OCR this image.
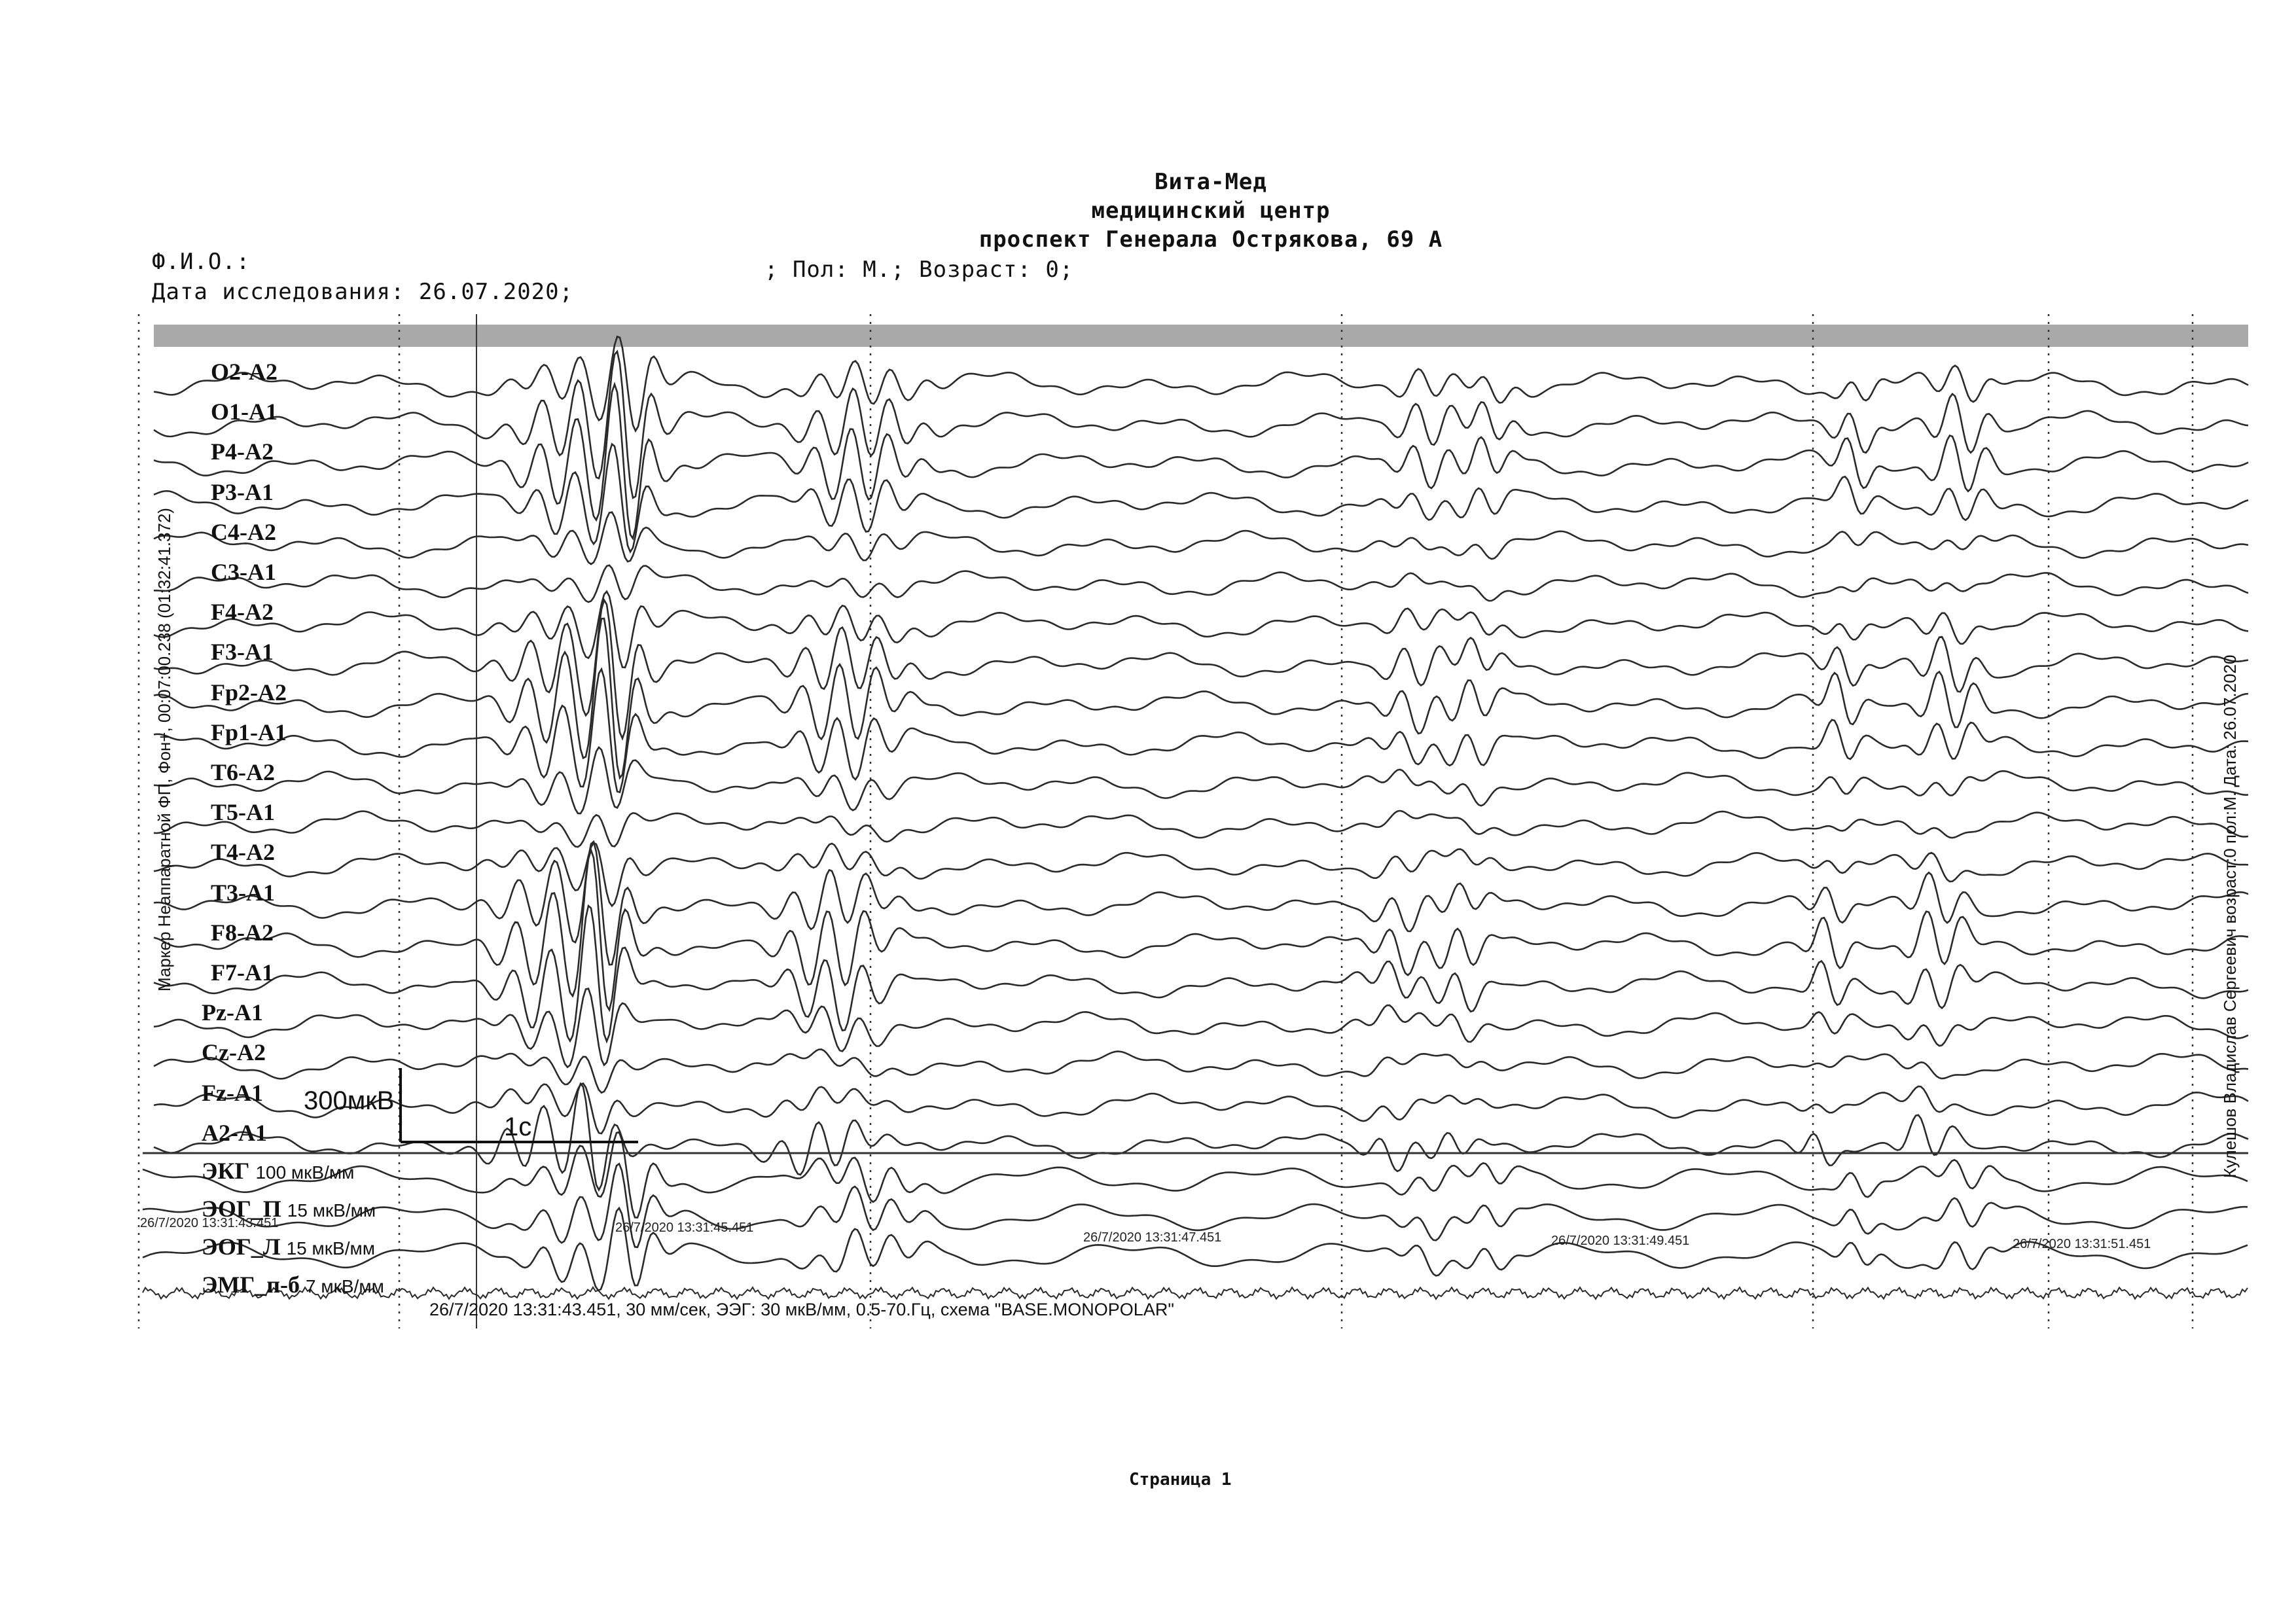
Вита-Мед
медицинский центр
проспект Генерала Острякова, 69 А
Ф.И.О.:	; Пол: М.; Возраст: 0;
Дата исследования: 26.07.2020;
O2-A2
O1-A1
P4-A2
P3-A1
C4-A2
C3-A1
F4-A2
F3-A1
Fp2-A2
Fp1-A1
T6-A2
T5-A1
T4-A2
T3-A1
F8-A2
F7-A1
Pz-A1
Cz-A2
Fz-A1
A2-A1
300мкВ
1с
ЭКГ 100 мкВ/мм
ЭОГ_П 15 мкВ/мм
ЭОГ_Л 15 мкВ/мм
ЭМГ_п-б 7 мкВ/мм
26/7/2020 13:31:43.451	26/7/2020 13:31:45.451
26/7/2020 13:31:47.451	26/7/2020 13:31:49.451	26/7/2020 13:31:51.451
26/7/2020 13:31:43.451, 30 мм/сек, ЭЭГ: 30 мкВ/мм, 0.5-70.Гц, схема "BASE.MONOPOLAR"
Маркер Неаппаратной ФП, Фон+, 00:07:00.238 (01:32:41.372)	Кулешов Владислав Сергеевич возраст:0 пол:М. Дата: 26.07.2020
Страница 1
